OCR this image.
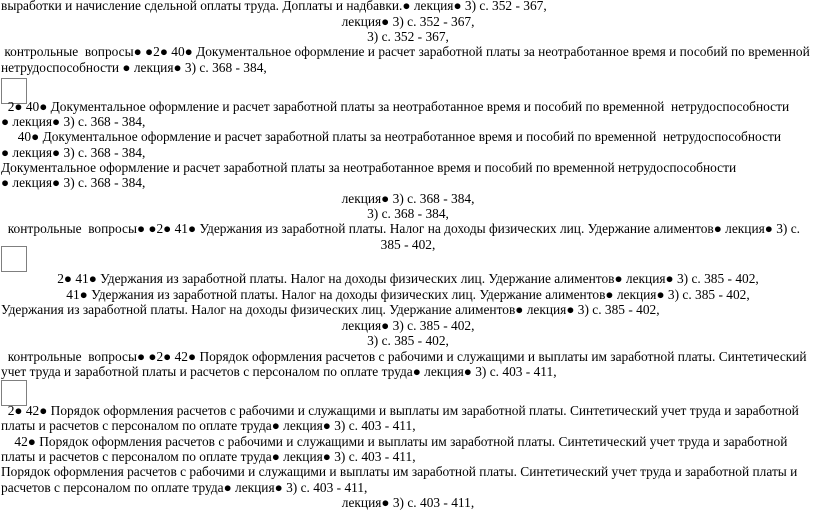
выработки и начисление сдельной оплаты труда. Доплаты и надбавки.● лекция● 3) с. 352 - 367,
лекция● 3) с. 352 - 367,
3) с. 352 - 367,
контрольные  вопросы● ●2● 40● Документальное оформление и расчет заработной платы за неотработанное время и пособий по временной
нетрудоспособности ● лекция● 3) с. 368 - 384,
2● 40● Документальное оформление и расчет заработной платы за неотработанное время и пособий по временной  нетрудоспособности
● лекция● 3) с. 368 - 384,
40● Документальное оформление и расчет заработной платы за неотработанное время и пособий по временной  нетрудоспособности
● лекция● 3) с. 368 - 384,
Документальное оформление и расчет заработной платы за неотработанное время и пособий по временной нетрудоспособности
● лекция● 3) с. 368 - 384,
лекция● 3) с. 368 - 384,
3) с. 368 - 384,
контрольные  вопросы● ●2● 41● Удержания из заработной платы. Налог на доходы физических лиц. Удержание алиментов● лекция● 3) с.
385 - 402,
2● 41● Удержания из заработной платы. Налог на доходы физических лиц. Удержание алиментов● лекция● 3) с. 385 - 402,
41● Удержания из заработной платы. Налог на доходы физических лиц. Удержание алиментов● лекция● 3) с. 385 - 402,
Удержания из заработной платы. Налог на доходы физических лиц. Удержание алиментов● лекция● 3) с. 385 - 402,
лекция● 3) с. 385 - 402,
3) с. 385 - 402,
контрольные  вопросы● ●2● 42● Порядок оформления расчетов с рабочими и служащими и выплаты им заработной платы. Синтетический
учет труда и заработной платы и расчетов с персоналом по оплате труда● лекция● 3) с. 403 - 411,
2● 42● Порядок оформления расчетов с рабочими и служащими и выплаты им заработной платы. Синтетический учет труда и заработной
платы и расчетов с персоналом по оплате труда● лекция● 3) с. 403 - 411,
42● Порядок оформления расчетов с рабочими и служащими и выплаты им заработной платы. Синтетический учет труда и заработной
платы и расчетов с персоналом по оплате труда● лекция● 3) с. 403 - 411,
Порядок оформления расчетов с рабочими и служащими и выплаты им заработной платы. Синтетический учет труда и заработной платы и
расчетов с персоналом по оплате труда● лекция● 3) с. 403 - 411,
лекция● 3) с. 403 - 411,
